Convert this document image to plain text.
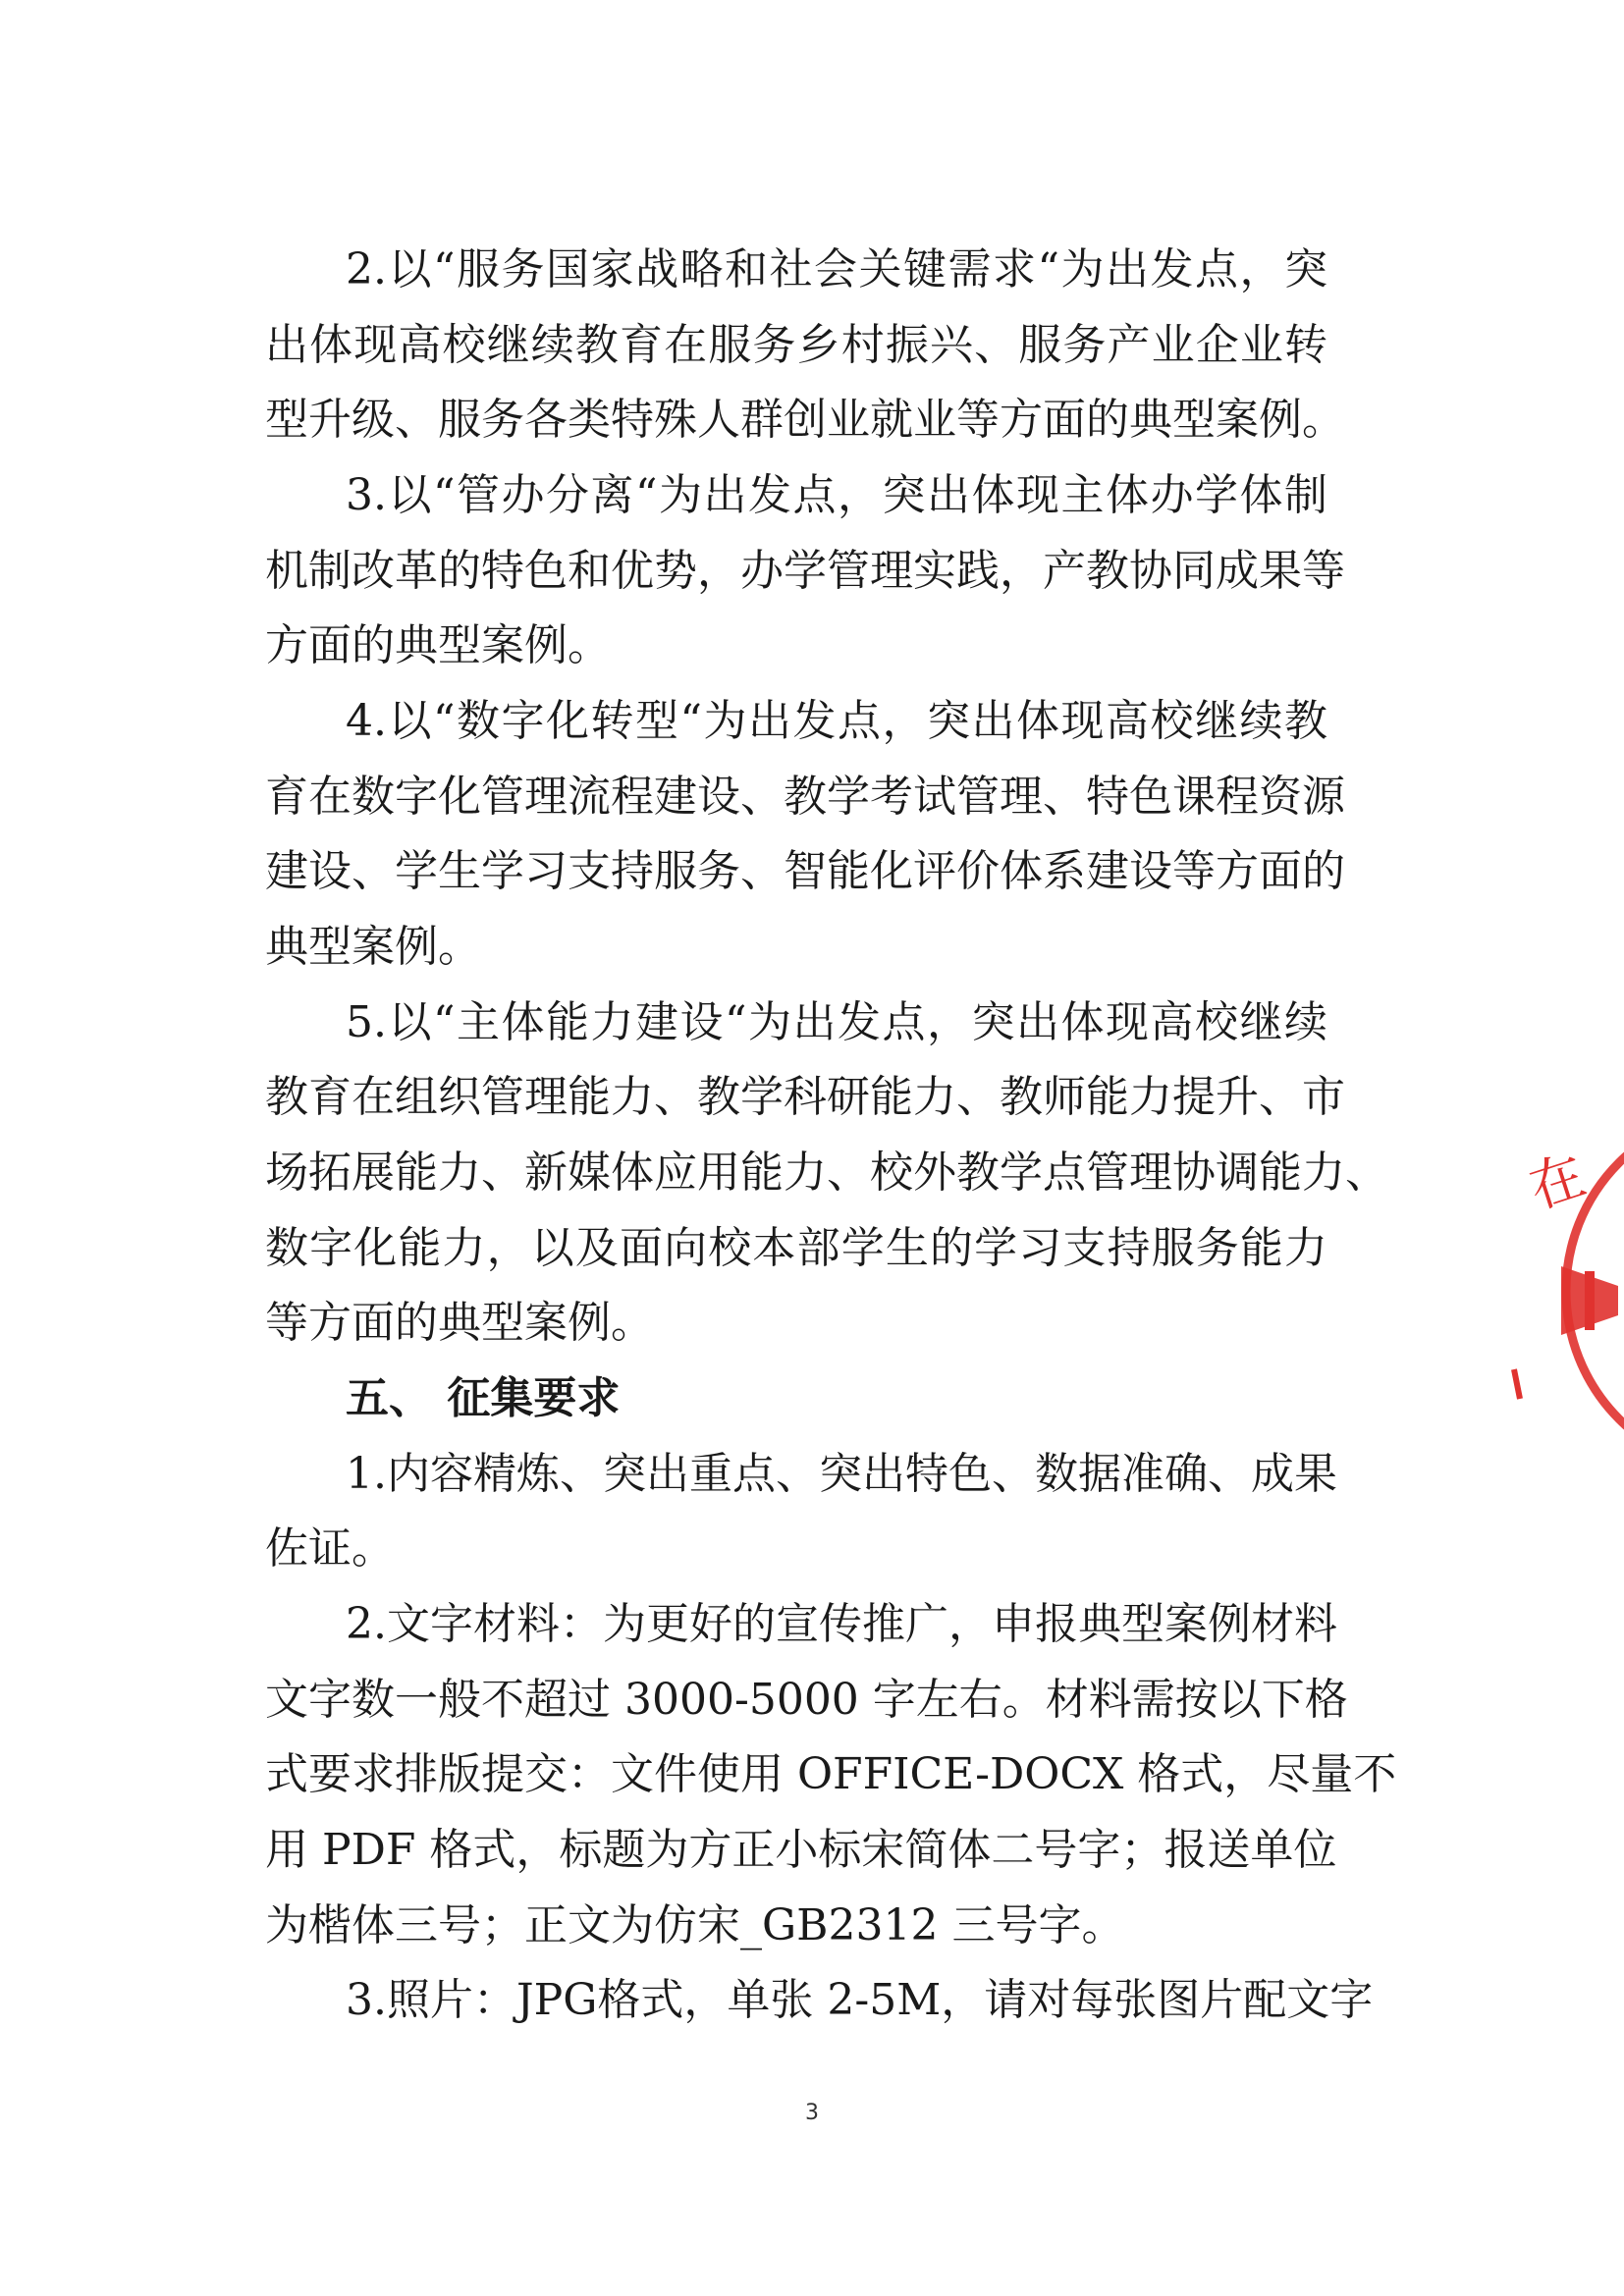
2.以“服务国家战略和社会关键需求“为出发点，突
出体现高校继续教育在服务乡村振兴、服务产业企业转
型升级、服务各类特殊人群创业就业等方面的典型案例。
3.以“管办分离“为出发点，突出体现主体办学体制
机制改革的特色和优势，办学管理实践，产教协同成果等
方面的典型案例。
4.以“数字化转型“为出发点，突出体现高校继续教
育在数字化管理流程建设、教学考试管理、特色课程资源
建设、学生学习支持服务、智能化评价体系建设等方面的
典型案例。
5.以“主体能力建设“为出发点，突出体现高校继续
教育在组织管理能力、教学科研能力、教师能力提升、市
场拓展能力、新媒体应用能力、校外教学点管理协调能力、
数字化能力，以及面向校本部学生的学习支持服务能力
等方面的典型案例。
五、 征集要求
1.内容精炼、突出重点、突出特色、数据准确、成果
佐证。
2.文字材料：为更好的宣传推广，申报典型案例材料
文字数一般不超过 3000-5000 字左右。材料需按以下格
式要求排版提交：文件使用 OFFICE-DOCX 格式，尽量不
用 PDF 格式，标题为方正小标宋简体二号字；报送单位
为楷体三号；正文为仿宋_GB2312 三号字。
3.照片：JPG格式，单张 2-5M，请对每张图片配文字
3
在
